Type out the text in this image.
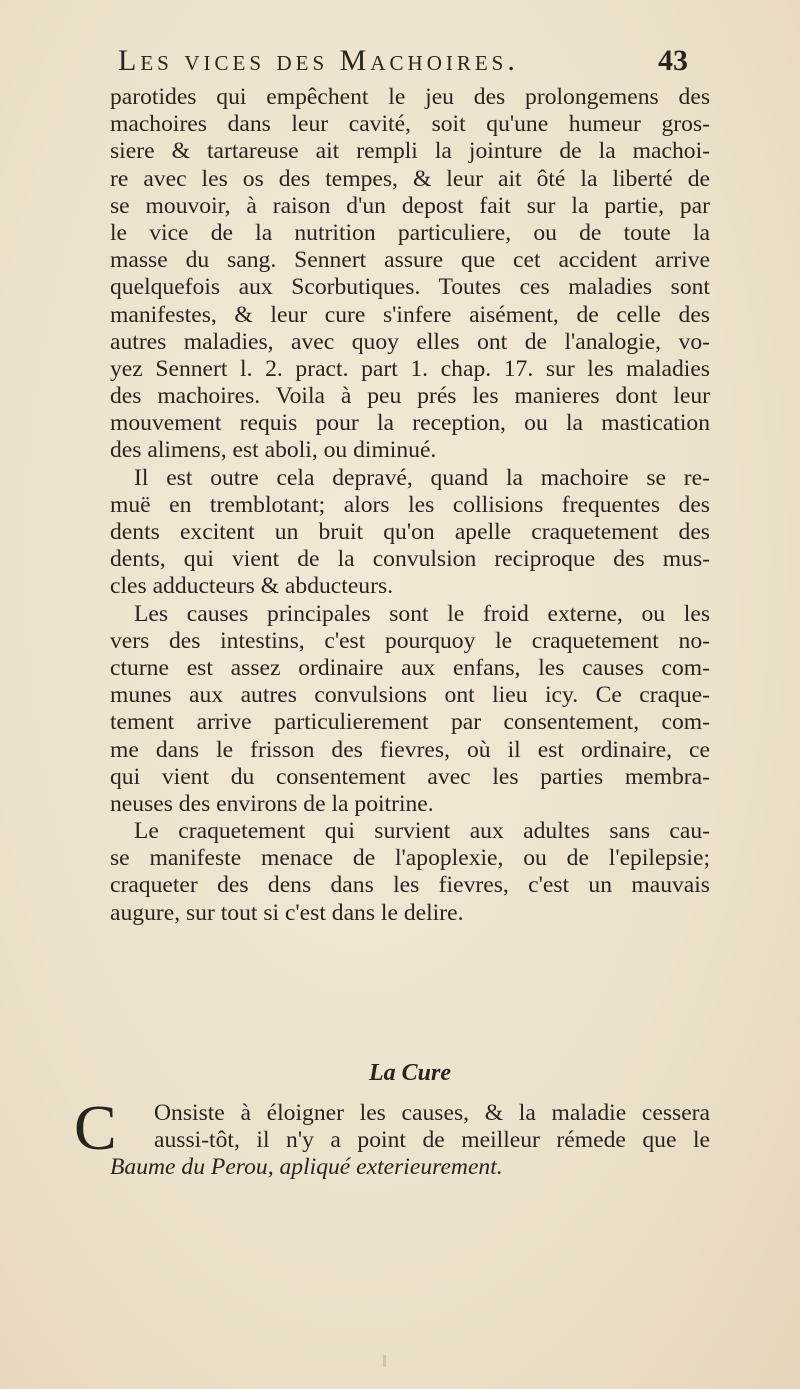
Les vices des Machoires.	43
parotides qui empêchent le jeu des prolongemens des
machoires dans leur cavité, soit qu'une humeur gros-
siere & tartareuse ait rempli la jointure de la machoi-
re avec les os des tempes, & leur ait ôté la liberté de
se mouvoir, à raison d'un depost fait sur la partie, par
le vice de la nutrition particuliere, ou de toute la
masse du sang. Sennert assure que cet accident arrive
quelquefois aux Scorbutiques. Toutes ces maladies sont
manifestes, & leur cure s'infere aisément, de celle des
autres maladies, avec quoy elles ont de l'analogie, vo-
yez Sennert l. 2. pract. part 1. chap. 17. sur les maladies
des machoires. Voila à peu prés les manieres dont leur
mouvement requis pour la reception, ou la mastication
des alimens, est aboli, ou diminué.
Il est outre cela depravé, quand la machoire se re-
muë en tremblotant; alors les collisions frequentes des
dents excitent un bruit qu'on apelle craquetement des
dents, qui vient de la convulsion reciproque des mus-
cles adducteurs & abducteurs.
Les causes principales sont le froid externe, ou les
vers des intestins, c'est pourquoy le craquetement no-
cturne est assez ordinaire aux enfans, les causes com-
munes aux autres convulsions ont lieu icy. Ce craque-
tement arrive particulierement par consentement, com-
me dans le frisson des fievres, où il est ordinaire, ce
qui vient du consentement avec les parties membra-
neuses des environs de la poitrine.
Le craquetement qui survient aux adultes sans cau-
se manifeste menace de l'apoplexie, ou de l'epilepsie;
craqueter des dens dans les fievres, c'est un mauvais
augure, sur tout si c'est dans le delire.
La Cure
C	Onsiste à éloigner les causes, & la maladie cessera
aussi-tôt, il n'y a point de meilleur rémede que le
Baume du Perou, apliqué exterieurement.
